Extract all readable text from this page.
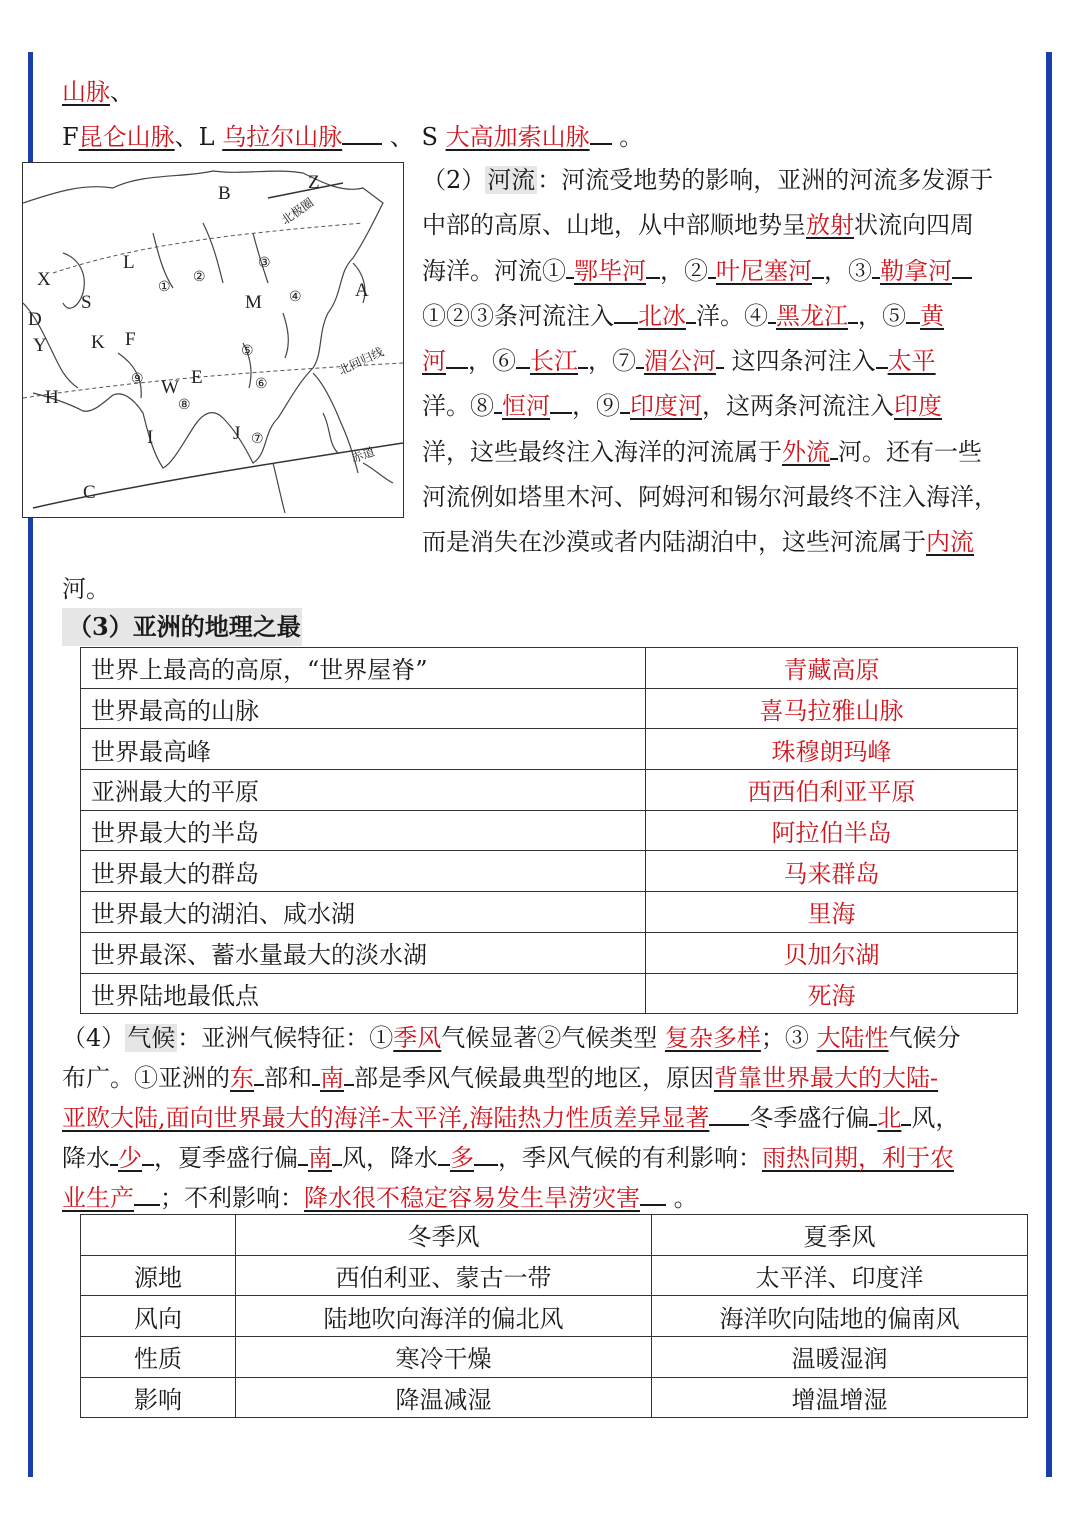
山脉、
F昆仑山脉、L 乌拉尔山脉 、 S 大高加索山脉 。
B
Z
L
①
②
③
X
S	M ④	A
D
Y K F
⑤
⑨ W E	⑥
⑧
H
I	J ⑦
C
北极圈
北回归线
赤道
（2）河流：河流受地势的影响，亚洲的河流多发源于
中部的高原、山地，从中部顺地势呈放射状流向四周
海洋。河流① 鄂毕河 ，② 叶尼塞河 ，③ 勒拿河
①②③条河流注入 北冰 洋。④ 黑龙江 ，⑤ 黄
河 ，⑥ 长江 ，⑦ 湄公河 这四条河注入 太平
洋。⑧ 恒河 ，⑨ 印度河，这两条河流注入印度
洋，这些最终注入海洋的河流属于外流 河。还有一些
河流例如塔里木河、阿姆河和锡尔河最终不注入海洋，
而是消失在沙漠或者内陆湖泊中，这些河流属于内流
河。
（3）亚洲的地理之最
世界上最高的高原，“世界屋脊”	青藏高原
世界最高的山脉	喜马拉雅山脉
世界最高峰	珠穆朗玛峰
亚洲最大的平原	西西伯利亚平原
世界最大的半岛	阿拉伯半岛
世界最大的群岛	马来群岛
世界最大的湖泊、咸水湖	里海
世界最深、蓄水量最大的淡水湖	贝加尔湖
世界陆地最低点	死海
（4）气候：亚洲气候特征：①季风气候显著②气候类型 复杂多样；③ 大陆性气候分
布广。①亚洲的东 部和 南 部是季风气候最典型的地区，原因背靠世界最大的大陆-
亚欧大陆,面向世界最大的海洋-太平洋,海陆热力性质差异显著 冬季盛行偏 北 风，
降水 少 ，夏季盛行偏 南 风，降水 多 ，季风气候的有利影响：雨热同期，利于农
业生产 ；不利影响：降水很不稳定容易发生旱涝灾害 。
	冬季风	夏季风
源地	西伯利亚、蒙古一带	太平洋、印度洋
风向	陆地吹向海洋的偏北风	海洋吹向陆地的偏南风
性质	寒冷干燥	温暖湿润
影响	降温减湿	增温增湿
